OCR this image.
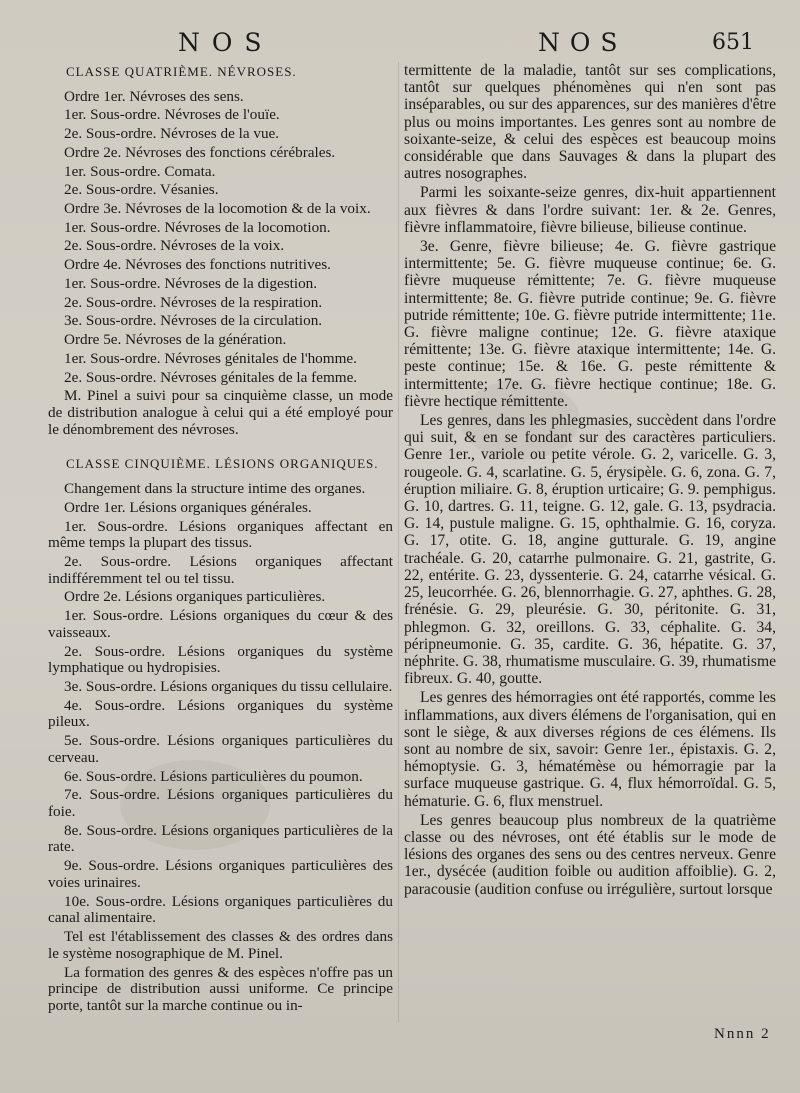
NOS	NOS	651

CLASSE QUATRIÈME. NÉVROSES.

Ordre 1er. Névroses des sens.

1er. Sous-ordre. Névroses de l'ouïe.

2e. Sous-ordre. Névroses de la vue.

Ordre 2e. Névroses des fonctions cérébrales.

1er. Sous-ordre. Comata.

2e. Sous-ordre. Vésanies.

Ordre 3e. Névroses de la locomotion & de la voix.

1er. Sous-ordre. Névroses de la locomotion.

2e. Sous-ordre. Névroses de la voix.

Ordre 4e. Névroses des fonctions nutritives.

1er. Sous-ordre. Névroses de la digestion.

2e. Sous-ordre. Névroses de la respiration.

3e. Sous-ordre. Névroses de la circulation.

Ordre 5e. Névroses de la génération.

1er. Sous-ordre. Névroses génitales de l'homme.

2e. Sous-ordre. Névroses génitales de la femme.

M. Pinel a suivi pour sa cinquième classe, un mode de distribution analogue à celui qui a été employé pour le dénombrement des névroses.

CLASSE CINQUIÈME. LÉSIONS ORGANIQUES.

Changement dans la structure intime des organes.

Ordre 1er. Lésions organiques générales.

1er. Sous-ordre. Lésions organiques affectant en même temps la plupart des tissus.

2e. Sous-ordre. Lésions organiques affectant indifféremment tel ou tel tissu.

Ordre 2e. Lésions organiques particulières.

1er. Sous-ordre. Lésions organiques du cœur & des vaisseaux.

2e. Sous-ordre. Lésions organiques du système lymphatique ou hydropisies.

3e. Sous-ordre. Lésions organiques du tissu cellulaire.

4e. Sous-ordre. Lésions organiques du système pileux.

5e. Sous-ordre. Lésions organiques particulières du cerveau.

6e. Sous-ordre. Lésions particulières du poumon.

7e. Sous-ordre. Lésions organiques particulières du foie.

8e. Sous-ordre. Lésions organiques particulières de la rate.

9e. Sous-ordre. Lésions organiques particulières des voies urinaires.

10e. Sous-ordre. Lésions organiques particulières du canal alimentaire.

Tel est l'établissement des classes & des ordres dans le système nosographique de M. Pinel.

La formation des genres & des espèces n'offre pas un principe de distribution aussi uniforme. Ce principe porte, tantôt sur la marche continue ou in-

termittente de la maladie, tantôt sur ses complications, tantôt sur quelques phénomènes qui n'en sont pas inséparables, ou sur des apparences, sur des manières d'être plus ou moins importantes. Les genres sont au nombre de soixante-seize, & celui des espèces est beaucoup moins considérable que dans Sauvages & dans la plupart des autres nosographes.

Parmi les soixante-seize genres, dix-huit appartiennent aux fièvres & dans l'ordre suivant: 1er. & 2e. Genres, fièvre inflammatoire, fièvre bilieuse, bilieuse continue.

3e. Genre, fièvre bilieuse; 4e. G. fièvre gastrique intermittente; 5e. G. fièvre muqueuse continue; 6e. G. fièvre muqueuse rémittente; 7e. G. fièvre muqueuse intermittente; 8e. G. fièvre putride continue; 9e. G. fièvre putride rémittente; 10e. G. fièvre putride intermittente; 11e. G. fièvre maligne continue; 12e. G. fièvre ataxique rémittente; 13e. G. fièvre ataxique intermittente; 14e. G. peste continue; 15e. & 16e. G. peste rémittente & intermittente; 17e. G. fièvre hectique continue; 18e. G. fièvre hectique rémittente.

Les genres, dans les phlegmasies, succèdent dans l'ordre qui suit, & en se fondant sur des caractères particuliers. Genre 1er., variole ou petite vérole. G. 2, varicelle. G. 3, rougeole. G. 4, scarlatine. G. 5, érysipèle. G. 6, zona. G. 7, éruption miliaire. G. 8, éruption urticaire; G. 9. pemphigus. G. 10, dartres. G. 11, teigne. G. 12, gale. G. 13, psydracia. G. 14, pustule maligne. G. 15, ophthalmie. G. 16, coryza. G. 17, otite. G. 18, angine gutturale. G. 19, angine trachéale. G. 20, catarrhe pulmonaire. G. 21, gastrite, G. 22, entérite. G. 23, dyssenterie. G. 24, catarrhe vésical. G. 25, leucorrhée. G. 26, blennorrhagie. G. 27, aphthes. G. 28, frénésie. G. 29, pleurésie. G. 30, péritonite. G. 31, phlegmon. G. 32, oreillons. G. 33, céphalite. G. 34, péripneumonie. G. 35, cardite. G. 36, hépatite. G. 37, néphrite. G. 38, rhumatisme musculaire. G. 39, rhumatisme fibreux. G. 40, goutte.

Les genres des hémorragies ont été rapportés, comme les inflammations, aux divers élémens de l'organisation, qui en sont le siège, & aux diverses régions de ces élémens. Ils sont au nombre de six, savoir: Genre 1er., épistaxis. G. 2, hémoptysie. G. 3, hématémèse ou hémorragie par la surface muqueuse gastrique. G. 4, flux hémorroïdal. G. 5, hématurie. G. 6, flux menstruel.

Les genres beaucoup plus nombreux de la quatrième classe ou des névroses, ont été établis sur le mode de lésions des organes des sens ou des centres nerveux. Genre 1er., dysécée (audition foible ou audition affoiblie). G. 2, paracousie (audition confuse ou irrégulière, surtout lorsque

Nnnn 2
